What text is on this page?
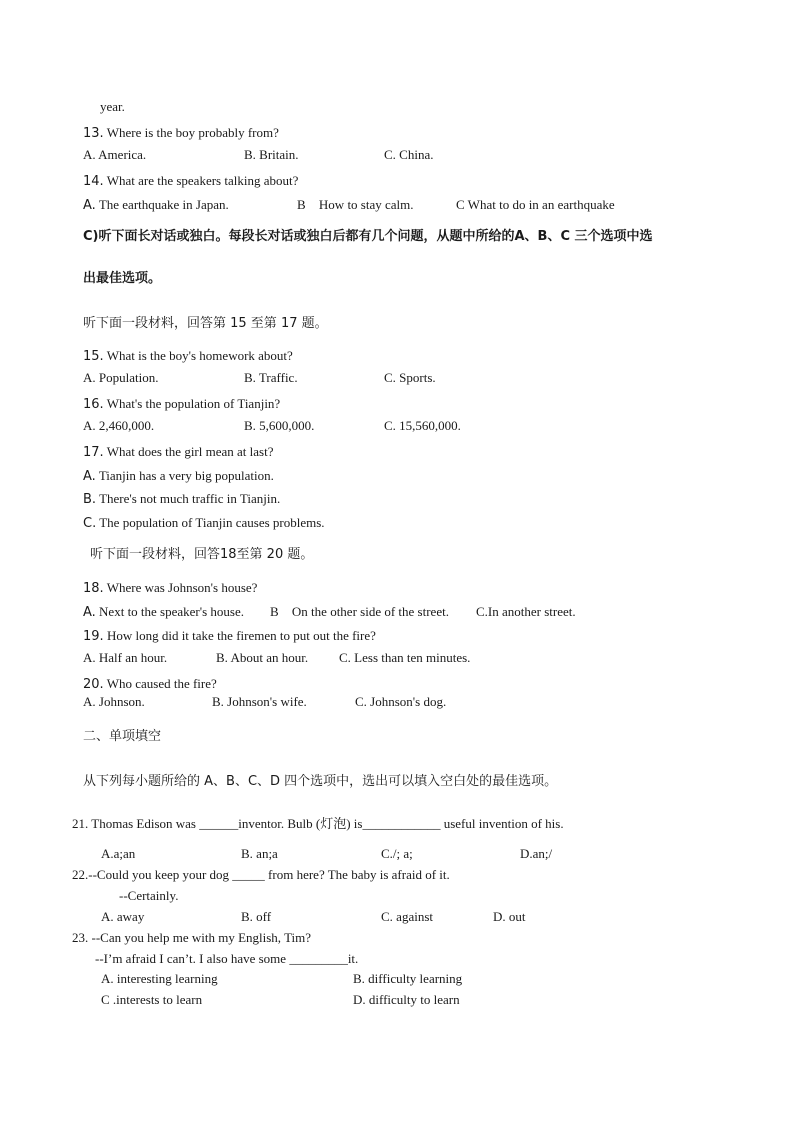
year.
13. Where is the boy probably from?
A. America.	B. Britain.	C. China.
14. What are the speakers talking about?
A. The earthquake in Japan.	B How to stay calm.	C What to do in an earthquake
C)听下面长对话或独白。每段长对话或独白后都有几个问题，从题中所给的A、B、C 三个选项中选
出最佳选项。
听下面一段材料，回答第 15 至第 17 题。
15. What is the boy's homework about?
A. Population.	B. Traffic.	C. Sports.
16. What's the population of Tianjin?
A. 2,460,000.	B. 5,600,000.	C. 15,560,000.
17. What does the girl mean at last?
A. Tianjin has a very big population.
B. There's not much traffic in Tianjin.
C. The population of Tianjin causes problems.
听下面一段材料，回答18至第 20 题。
18. Where was Johnson's house?
A. Next to the speaker's house. B On the other side of the street. C.In another street.
19. How long did it take the firemen to put out the fire?
A. Half an hour.	B. About an hour. C. Less than ten minutes.
20. Who caused the fire?
A. Johnson.	B. Johnson's wife.	C. Johnson's dog.
二、单项填空
从下列每小题所给的 A、B、C、D 四个选项中，选出可以填入空白处的最佳选项。
21. Thomas Edison was ______inventor. Bulb (灯泡) is____________ useful invention of his.
A.a;an	B. an;a	C./; a;	D.an;/
22.--Could you keep your dog _____ from here? The baby is afraid of it.
--Certainly.
A. away	B. off	C. against	D. out
23. --Can you help me with my English, Tim?
--I’m afraid I can’t. I also have some _________it.
A. interesting learning	B. difficulty learning
C .interests to learn	D. difficulty to learn
